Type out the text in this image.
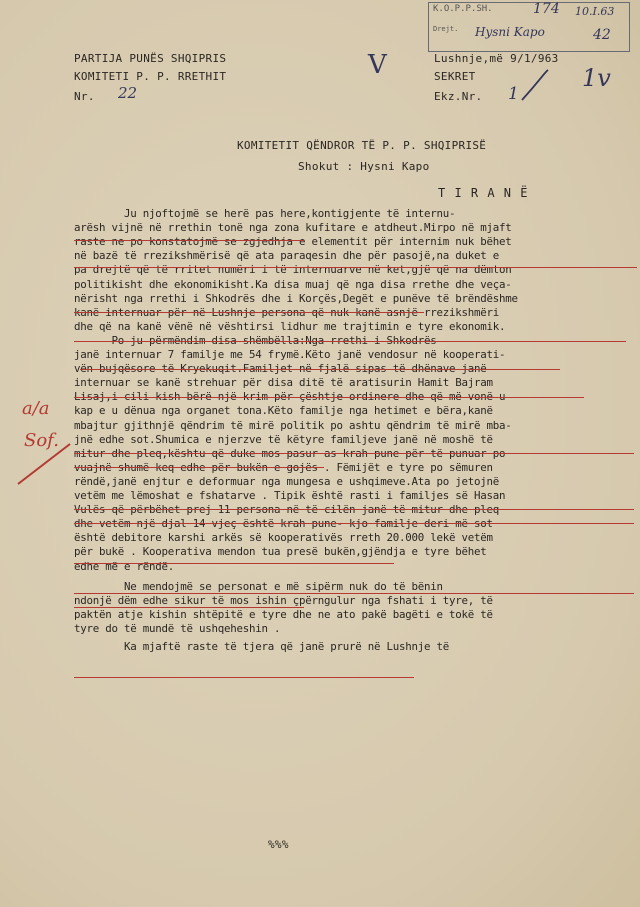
K.O.P.P.SH.	174 10.I.63
Drejt. Hysni Kapo	42
PARTIJA PUNËS SHQIPRIS
KOMITETI P. P. RRETHIT
Nr. 22
V	Lushnje,më 9/1/963
SEKRET
Ekz.Nr. 1
1v
KOMITETIT QËNDROR TË P. P. SHQIPRISË
Shokut : Hysni Kapo
T I R A N Ë
a/a
Sof.
Ju njoftojmë se herë pas here,kontigjente të internu-
arësh vijnë në rrethin tonë nga zona kufitare e atdheut.Mirpo në mjaft
raste ne po konstatojmë se zgjedhja e elementit për internim nuk bëhet
në bazë të rrezikshmërisë që ata paraqesin dhe për pasojë,na duket e
pa drejtë që të rritet numëri i të internuarve në ket,gjë që na dëmton
politikisht dhe ekonomikisht.Ka disa muaj që nga disa rrethe dhe veça-
nërisht nga rrethi i Shkodrës dhe i Korçës,Degët e punëve të brëndëshme
kanë internuar për në Lushnje persona që nuk kanë asnjë rrezikshmëri
dhe që na kanë vënë në vështirsi lidhur me trajtimin e tyre ekonomik.
Po ju përmëndim disa shëmbëlla:Nga rrethi i Shkodrës
janë internuar 7 familje me 54 frymë.Këto janë vendosur në kooperati-
vën bujqësore të Kryekuqit.Familjet në fjalë sipas të dhënave janë
internuar se kanë strehuar për disa ditë të aratisurin Hamit Bajram
Lisaj,i cili kish bërë një krim për çështje ordinere dhe që më vonë u
kap e u dënua nga organet tona.Këto familje nga hetimet e bëra,kanë
mbajtur gjithnjë qëndrim të mirë politik po ashtu qëndrim të mirë mba-
jnë edhe sot.Shumica e njerzve të këtyre familjeve janë në moshë të
mitur dhe pleq,kështu që duke mos pasur as krah pune për të punuar po
vuajnë shumë keq edhe për bukën e gojës . Fëmijët e tyre po sëmuren
rëndë,janë enjtur e deformuar nga mungesa e ushqimeve.Ata po jetojnë
vetëm me lëmoshat e fshatarve . Tipik është rasti i familjes së Hasan
Vulës që përbëhet prej 11 persona në të cilën janë të mitur dhe pleq
dhe vetëm një djal 14 vjeç është krah pune- kjo familje deri më sot
është debitore karshi arkës së kooperativës rreth 20.000 lekë vetëm
për bukë . Kooperativa mendon tua presë bukën,gjëndja e tyre bëhet
edhe më e rëndë.
Ne mendojmë se personat e më sipërm nuk do të bënin
ndonjë dëm edhe sikur të mos ishin çpërngulur nga fshati i tyre, të
paktën atje kishin shtëpitë e tyre dhe ne ato pakë bagëti e tokë të
tyre do të mundë të ushqeheshin .
Ka mjaftë raste të tjera që janë prurë në Lushnje të
%%%
